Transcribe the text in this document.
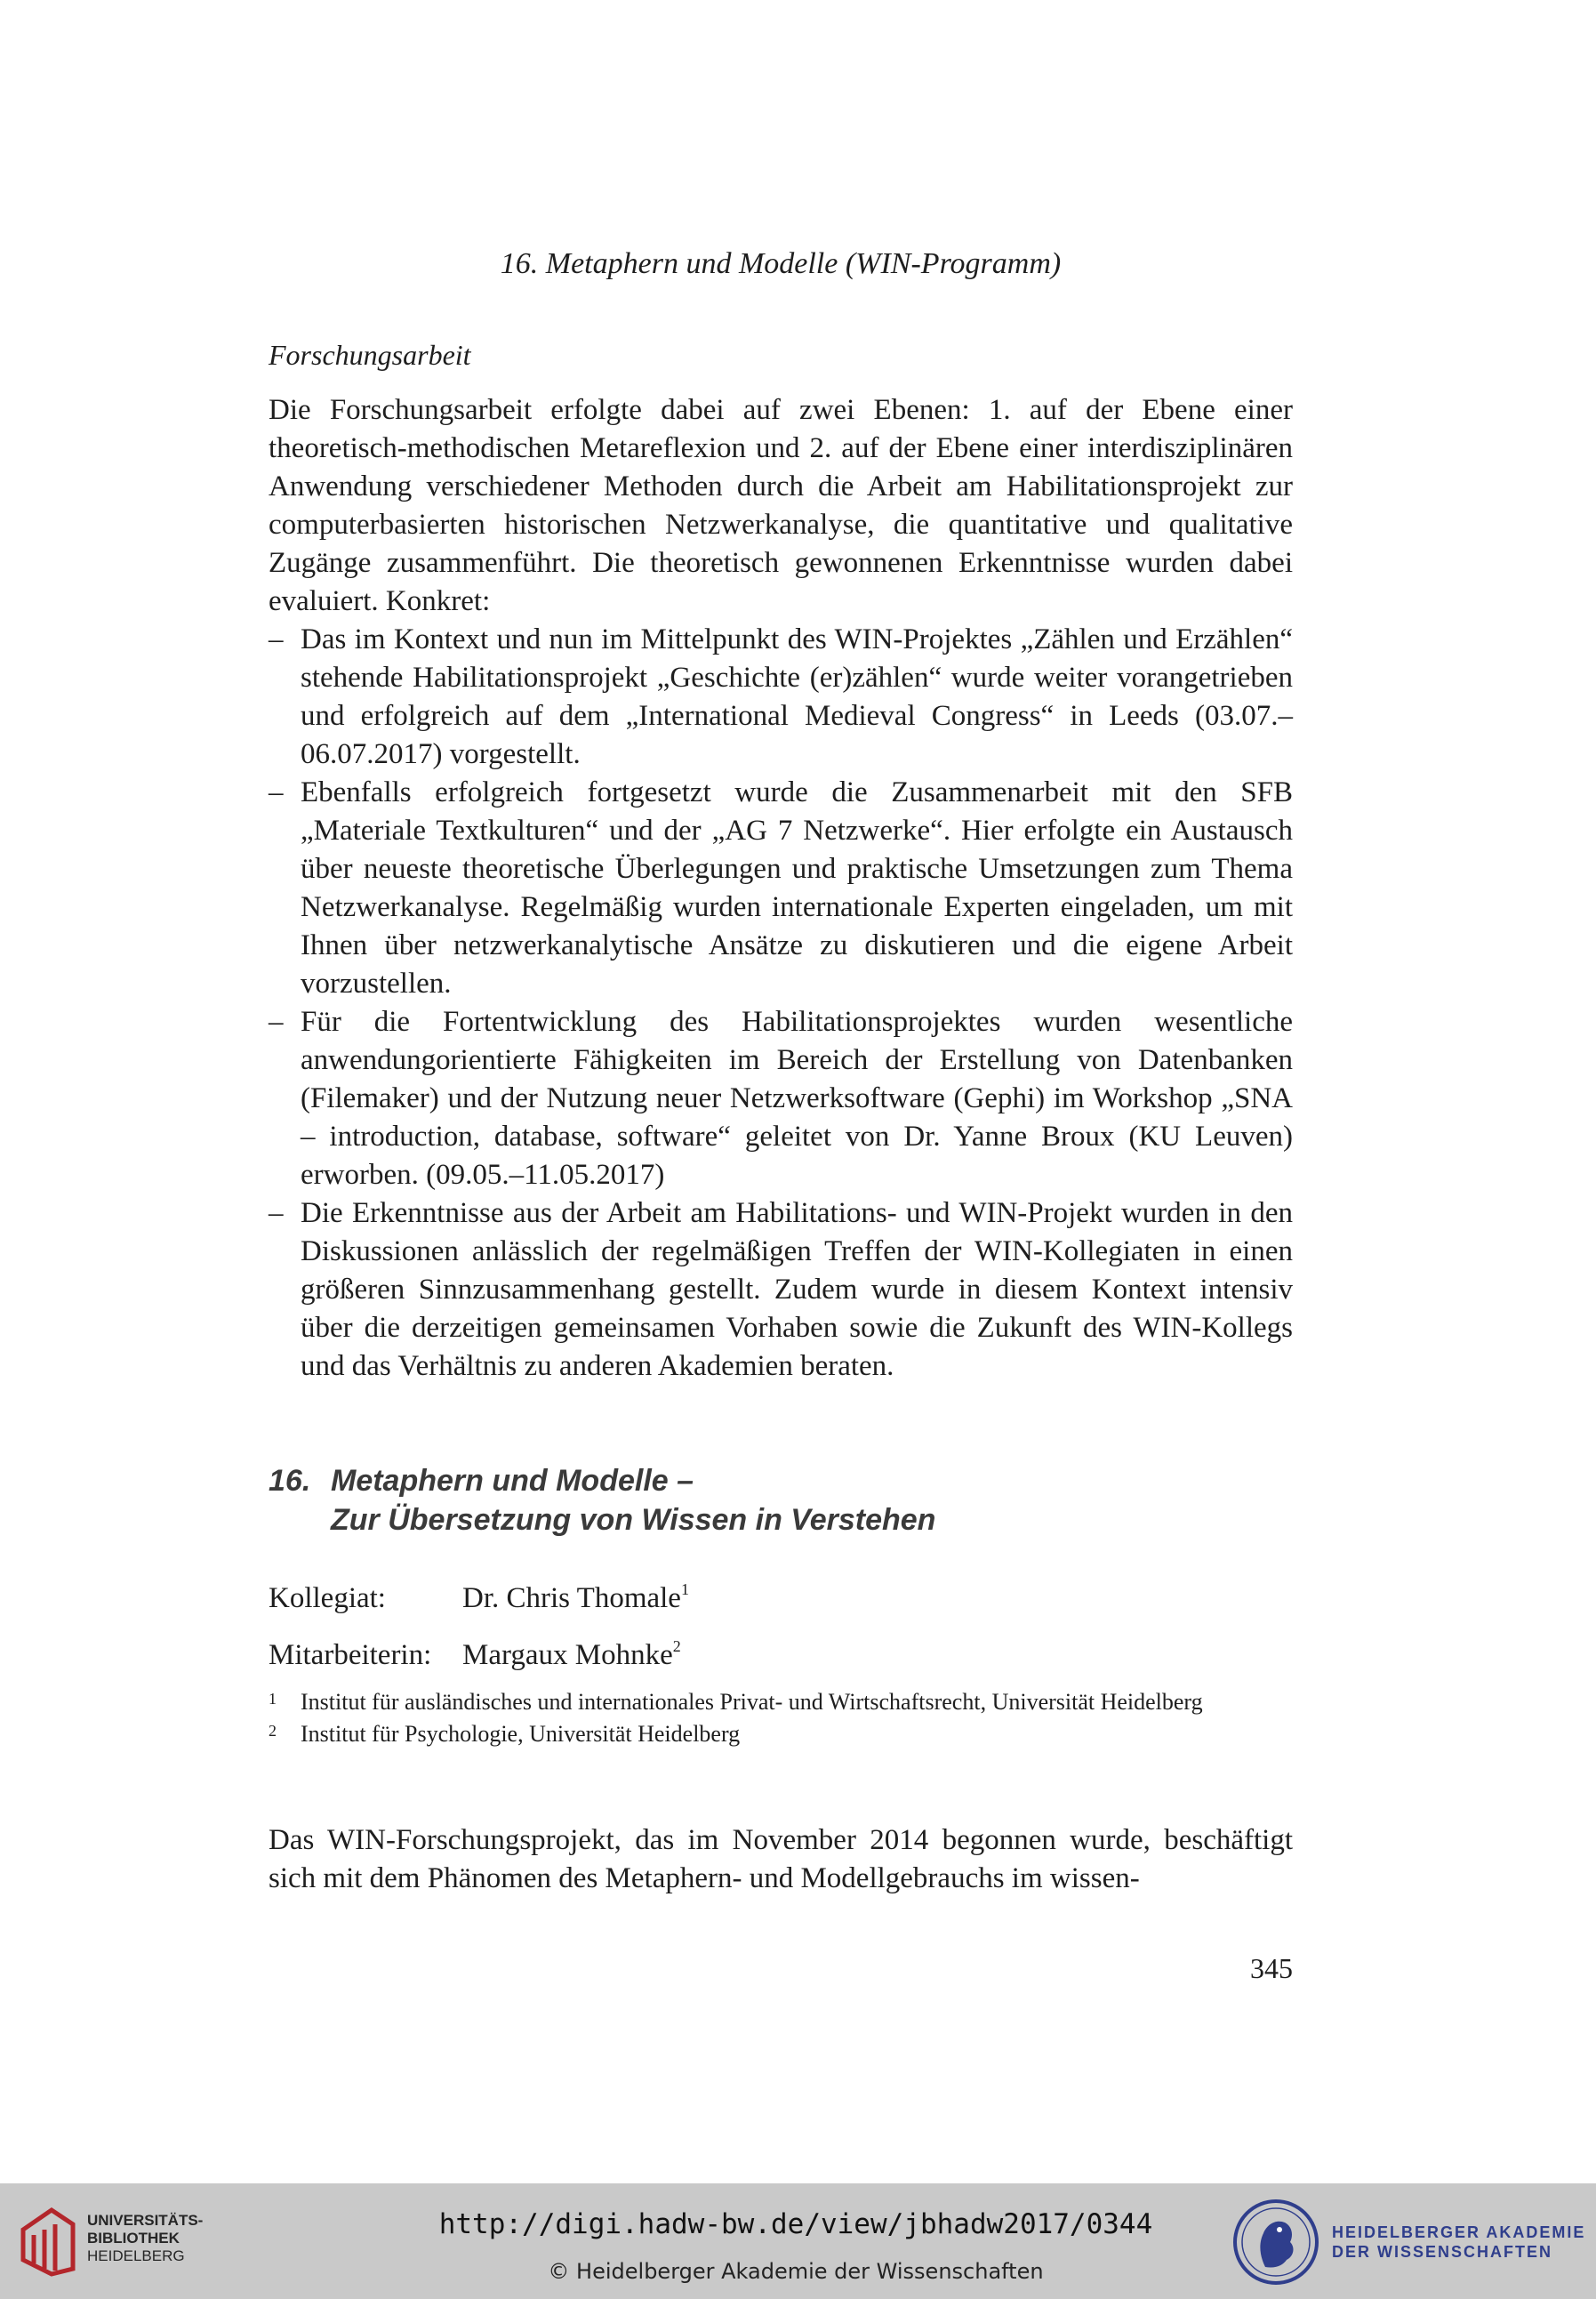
16. Metaphern und Modelle (WIN-Programm)
Forschungsarbeit

Die Forschungsarbeit erfolgte dabei auf zwei Ebenen: 1. auf der Ebene einer theoretisch-methodischen Metareflexion und 2. auf der Ebene einer interdisziplinären Anwendung verschiedener Methoden durch die Arbeit am Habilitationsprojekt zur computerbasierten historischen Netzwerkanalyse, die quantitative und qualitative Zugänge zusammenführt. Die theoretisch gewonnenen Erkenntnisse wurden dabei evaluiert. Konkret:

– Das im Kontext und nun im Mittelpunkt des WIN-Projektes „Zählen und Erzählen“ stehende Habilitationsprojekt „Geschichte (er)zählen“ wurde weiter vorangetrieben und erfolgreich auf dem „International Medieval Congress“ in Leeds (03.07.–06.07.2017) vorgestellt.
– Ebenfalls erfolgreich fortgesetzt wurde die Zusammenarbeit mit den SFB „Materiale Textkulturen“ und der „AG 7 Netzwerke“. Hier erfolgte ein Austausch über neueste theoretische Überlegungen und praktische Umsetzungen zum Thema Netzwerkanalyse. Regelmäßig wurden internationale Experten eingeladen, um mit Ihnen über netzwerkanalytische Ansätze zu diskutieren und die eigene Arbeit vorzustellen.
– Für die Fortentwicklung des Habilitationsprojektes wurden wesentliche anwendungorientierte Fähigkeiten im Bereich der Erstellung von Datenbanken (Filemaker) und der Nutzung neuer Netzwerksoftware (Gephi) im Workshop „SNA – introduction, database, software“ geleitet von Dr. Yanne Broux (KU Leuven) erworben. (09.05.–11.05.2017)
– Die Erkenntnisse aus der Arbeit am Habilitations- und WIN-Projekt wurden in den Diskussionen anlässlich der regelmäßigen Treffen der WIN-Kollegiaten in einen größeren Sinnzusammenhang gestellt. Zudem wurde in diesem Kontext intensiv über die derzeitigen gemeinsamen Vorhaben sowie die Zukunft des WIN-Kollegs und das Verhältnis zu anderen Akademien beraten.
16. Metaphern und Modelle –
Zur Übersetzung von Wissen in Verstehen
Kollegiat:	Dr. Chris Thomale$^1$
Mitarbeiterin: Margaux Mohnke$^2$
1 Institut für ausländisches und internationales Privat- und Wirtschaftsrecht, Universität Heidelberg
2 Institut für Psychologie, Universität Heidelberg

Das WIN-Forschungsprojekt, das im November 2014 begonnen wurde, beschäftigt sich mit dem Phänomen des Metaphern- und Modellgebrauchs im wissen-

345
UNIVERSITÄTS-
BIBLIOTHEK
HEIDELBERG
http://digi.hadw-bw.de/view/jbhadw2017/0344
© Heidelberger Akademie der Wissenschaften
HEIDELBERGER AKADEMIE
DER WISSENSCHAFTEN
